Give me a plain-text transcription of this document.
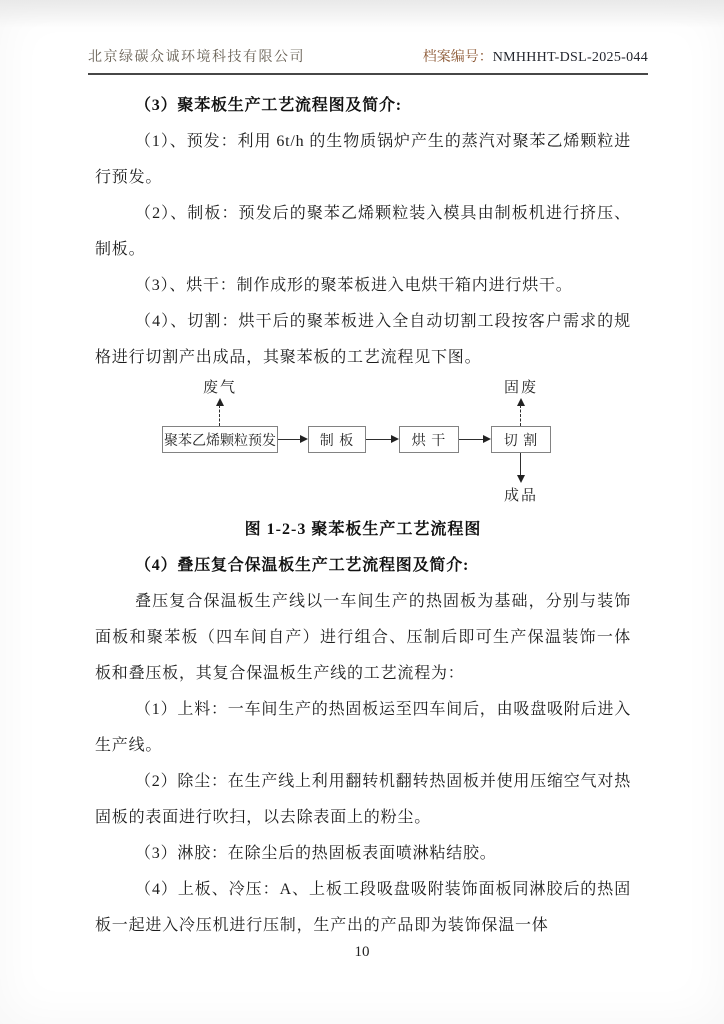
北京绿碳众诚环境科技有限公司	档案编号：NMHHHT-DSL-2025-044
（3）聚苯板生产工艺流程图及简介:

（1）、预发：利用 6t/h 的生物质锅炉产生的蒸汽对聚苯乙烯颗粒进行预发。

（2）、制板：预发后的聚苯乙烯颗粒装入模具由制板机进行挤压、制板。

（3）、烘干：制作成形的聚苯板进入电烘干箱内进行烘干。

（4）、切割：烘干后的聚苯板进入全自动切割工段按客户需求的规格进行切割产出成品，其聚苯板的工艺流程见下图。

废气	固废
聚苯乙烯颗粒预发	制 板	烘 干	切 割
成品

图 1-2-3 聚苯板生产工艺流程图

（4）叠压复合保温板生产工艺流程图及简介:

叠压复合保温板生产线以一车间生产的热固板为基础，分别与装饰面板和聚苯板（四车间自产）进行组合、压制后即可生产保温装饰一体板和叠压板，其复合保温板生产线的工艺流程为：

（1）上料：一车间生产的热固板运至四车间后，由吸盘吸附后进入生产线。

（2）除尘：在生产线上利用翻转机翻转热固板并使用压缩空气对热固板的表面进行吹扫，以去除表面上的粉尘。

（3）淋胶：在除尘后的热固板表面喷淋粘结胶。

（4）上板、冷压：A、上板工段吸盘吸附装饰面板同淋胶后的热固板一起进入冷压机进行压制，生产出的产品即为装饰保温一体

10
